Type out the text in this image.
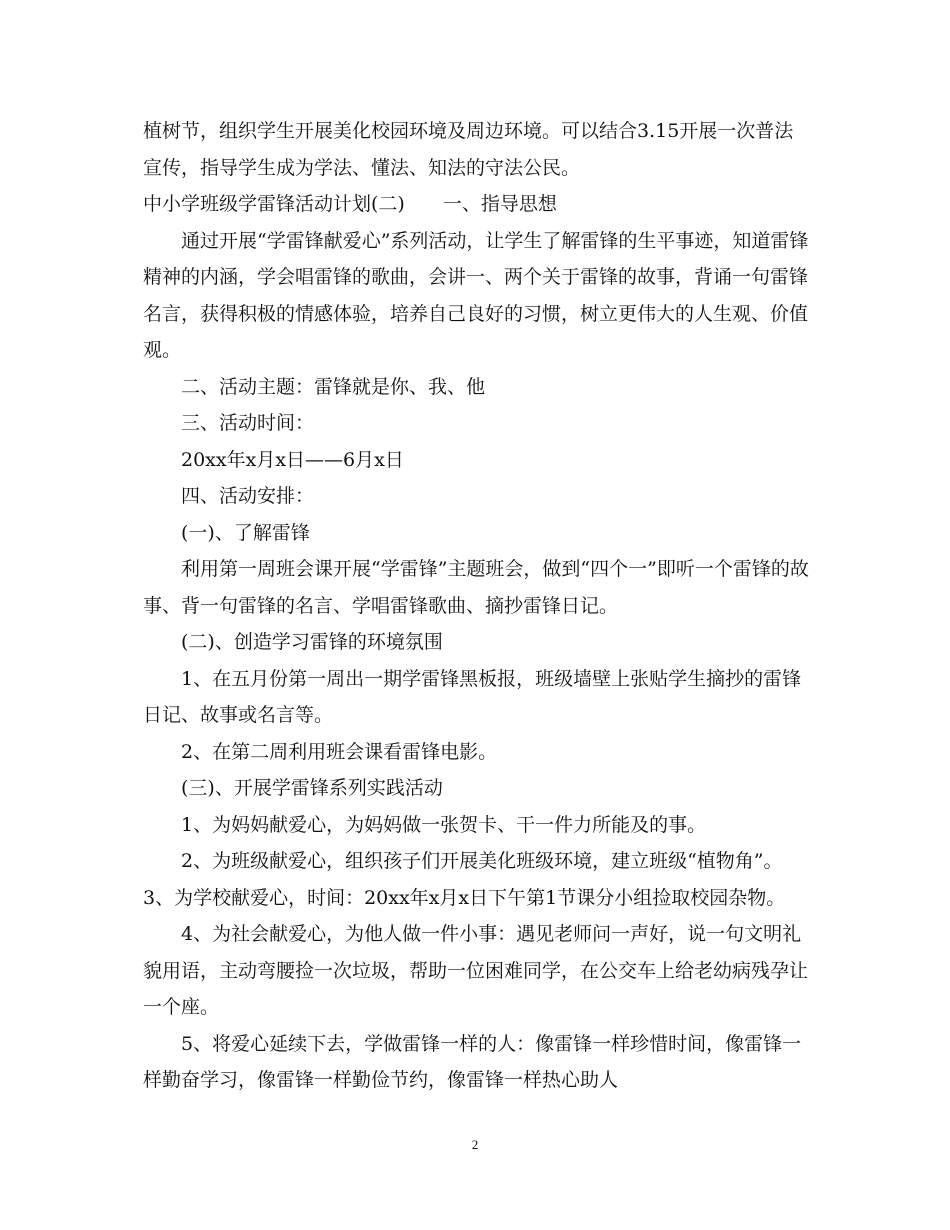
植树节，组织学生开展美化校园环境及周边环境。可以结合3.15开展一次普法宣传，指导学生成为学法、懂法、知法的守法公民。

中小学班级学雷锋活动计划(二)　　一、指导思想

通过开展“学雷锋献爱心”系列活动，让学生了解雷锋的生平事迹，知道雷锋精神的内涵，学会唱雷锋的歌曲，会讲一、两个关于雷锋的故事，背诵一句雷锋名言，获得积极的情感体验，培养自己良好的习惯，树立更伟大的人生观、价值观。

二、活动主题：雷锋就是你、我、他

三、活动时间：

20xx年x月x日——6月x日

四、活动安排：

(一)、了解雷锋

利用第一周班会课开展“学雷锋”主题班会，做到“四个一”即听一个雷锋的故事、背一句雷锋的名言、学唱雷锋歌曲、摘抄雷锋日记。

(二)、创造学习雷锋的环境氛围

1、在五月份第一周出一期学雷锋黑板报，班级墙壁上张贴学生摘抄的雷锋日记、故事或名言等。

2、在第二周利用班会课看雷锋电影。

(三)、开展学雷锋系列实践活动

1、为妈妈献爱心，为妈妈做一张贺卡、干一件力所能及的事。

2、为班级献爱心，组织孩子们开展美化班级环境，建立班级“植物角”。 3、为学校献爱心，时间：20xx年x月x日下午第1节课分小组捡取校园杂物。

4、为社会献爱心，为他人做一件小事：遇见老师问一声好，说一句文明礼貌用语，主动弯腰捡一次垃圾，帮助一位困难同学，在公交车上给老幼病残孕让一个座。

5、将爱心延续下去，学做雷锋一样的人：像雷锋一样珍惜时间，像雷锋一样勤奋学习，像雷锋一样勤俭节约，像雷锋一样热心助人

2
